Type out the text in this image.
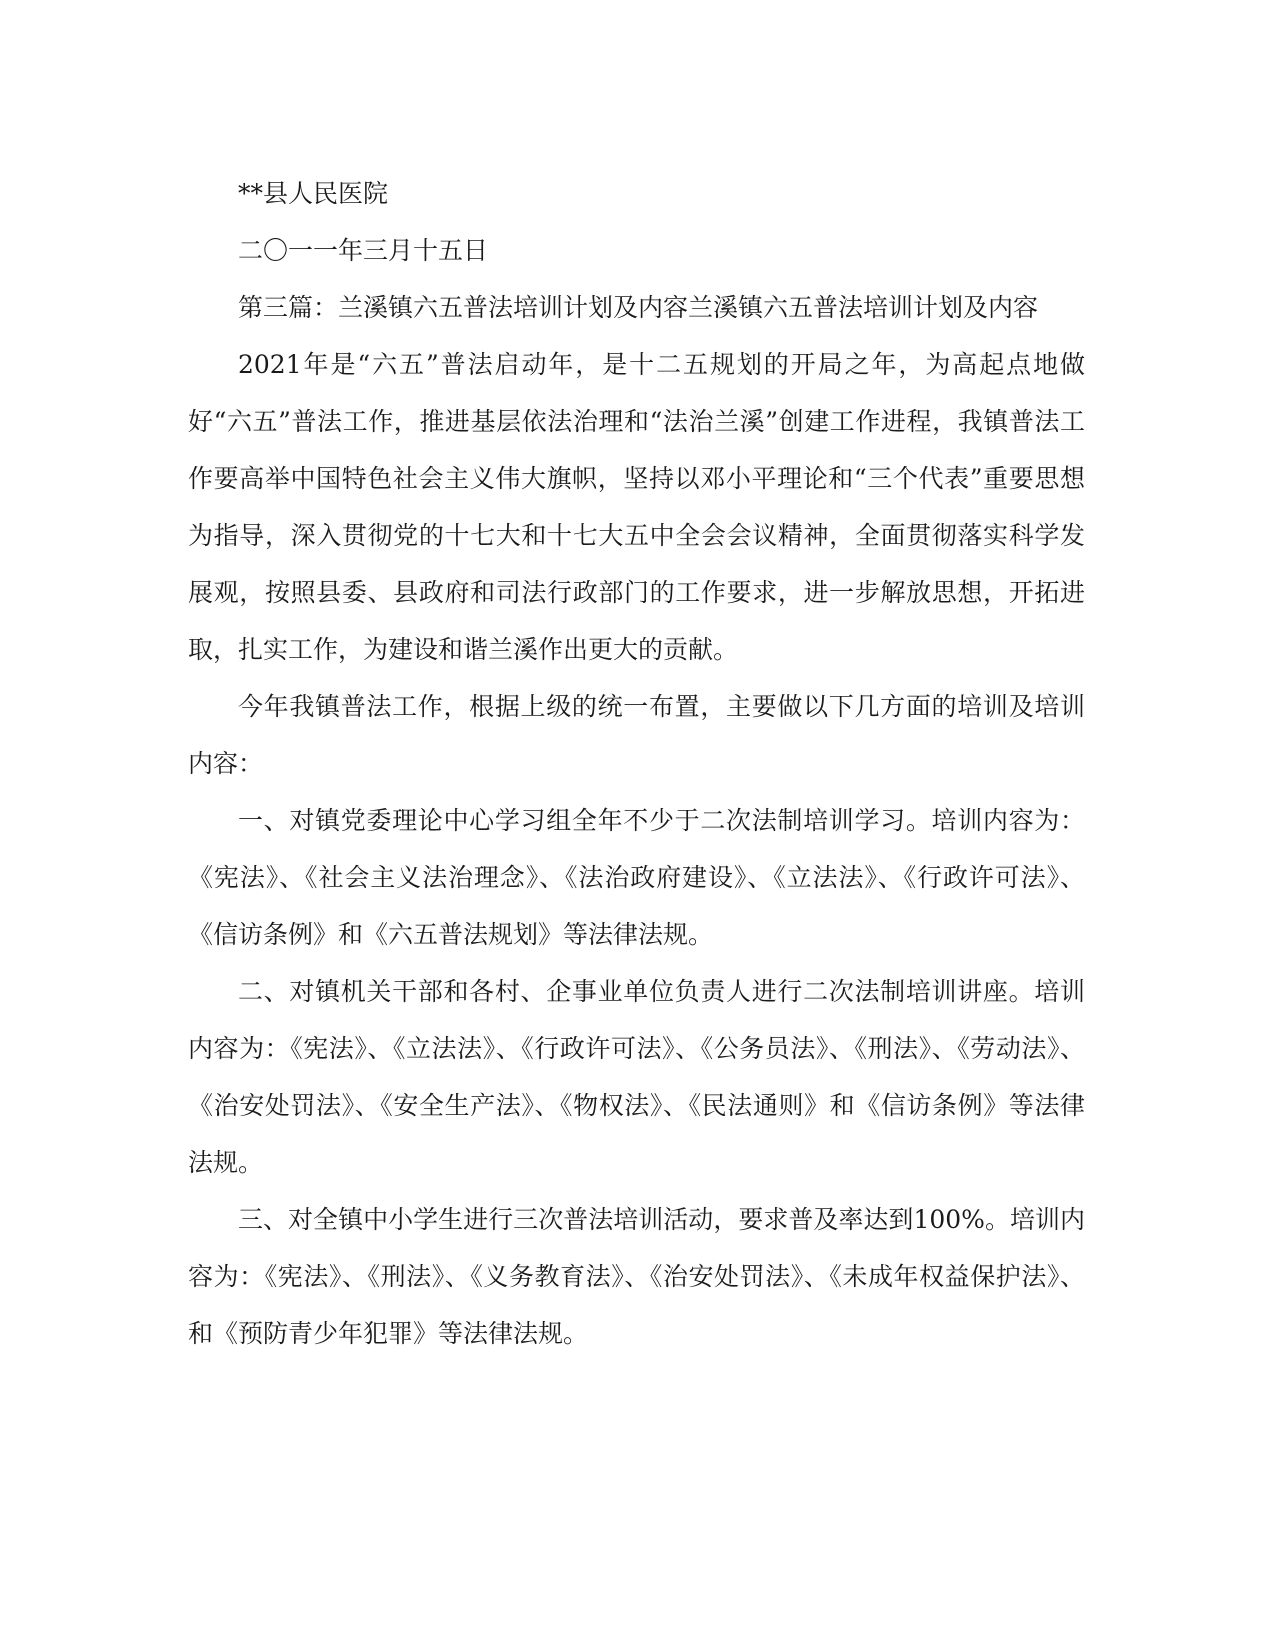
**县人民医院

二〇一一年三月十五日

第三篇：兰溪镇六五普法培训计划及内容兰溪镇六五普法培训计划及内容

2021年是“六五”普法启动年，是十二五规划的开局之年，为高起点地做好“六五”普法工作，推进基层依法治理和“法治兰溪”创建工作进程，我镇普法工作要高举中国特色社会主义伟大旗帜，坚持以邓小平理论和“三个代表”重要思想为指导，深入贯彻党的十七大和十七大五中全会会议精神，全面贯彻落实科学发展观，按照县委、县政府和司法行政部门的工作要求，进一步解放思想，开拓进取，扎实工作，为建设和谐兰溪作出更大的贡献。

今年我镇普法工作，根据上级的统一布置，主要做以下几方面的培训及培训内容：

一、对镇党委理论中心学习组全年不少于二次法制培训学习。培训内容为：《宪法》、《社会主义法治理念》、《法治政府建设》、《立法法》、《行政许可法》、《信访条例》和《六五普法规划》等法律法规。

二、对镇机关干部和各村、企事业单位负责人进行二次法制培训讲座。培训内容为：《宪法》、《立法法》、《行政许可法》、《公务员法》、《刑法》、《劳动法》、《治安处罚法》、《安全生产法》、《物权法》、《民法通则》和《信访条例》等法律法规。

三、对全镇中小学生进行三次普法培训活动，要求普及率达到100%。培训内容为：《宪法》、《刑法》、《义务教育法》、《治安处罚法》、《未成年权益保护法》、和《预防青少年犯罪》等法律法规。
